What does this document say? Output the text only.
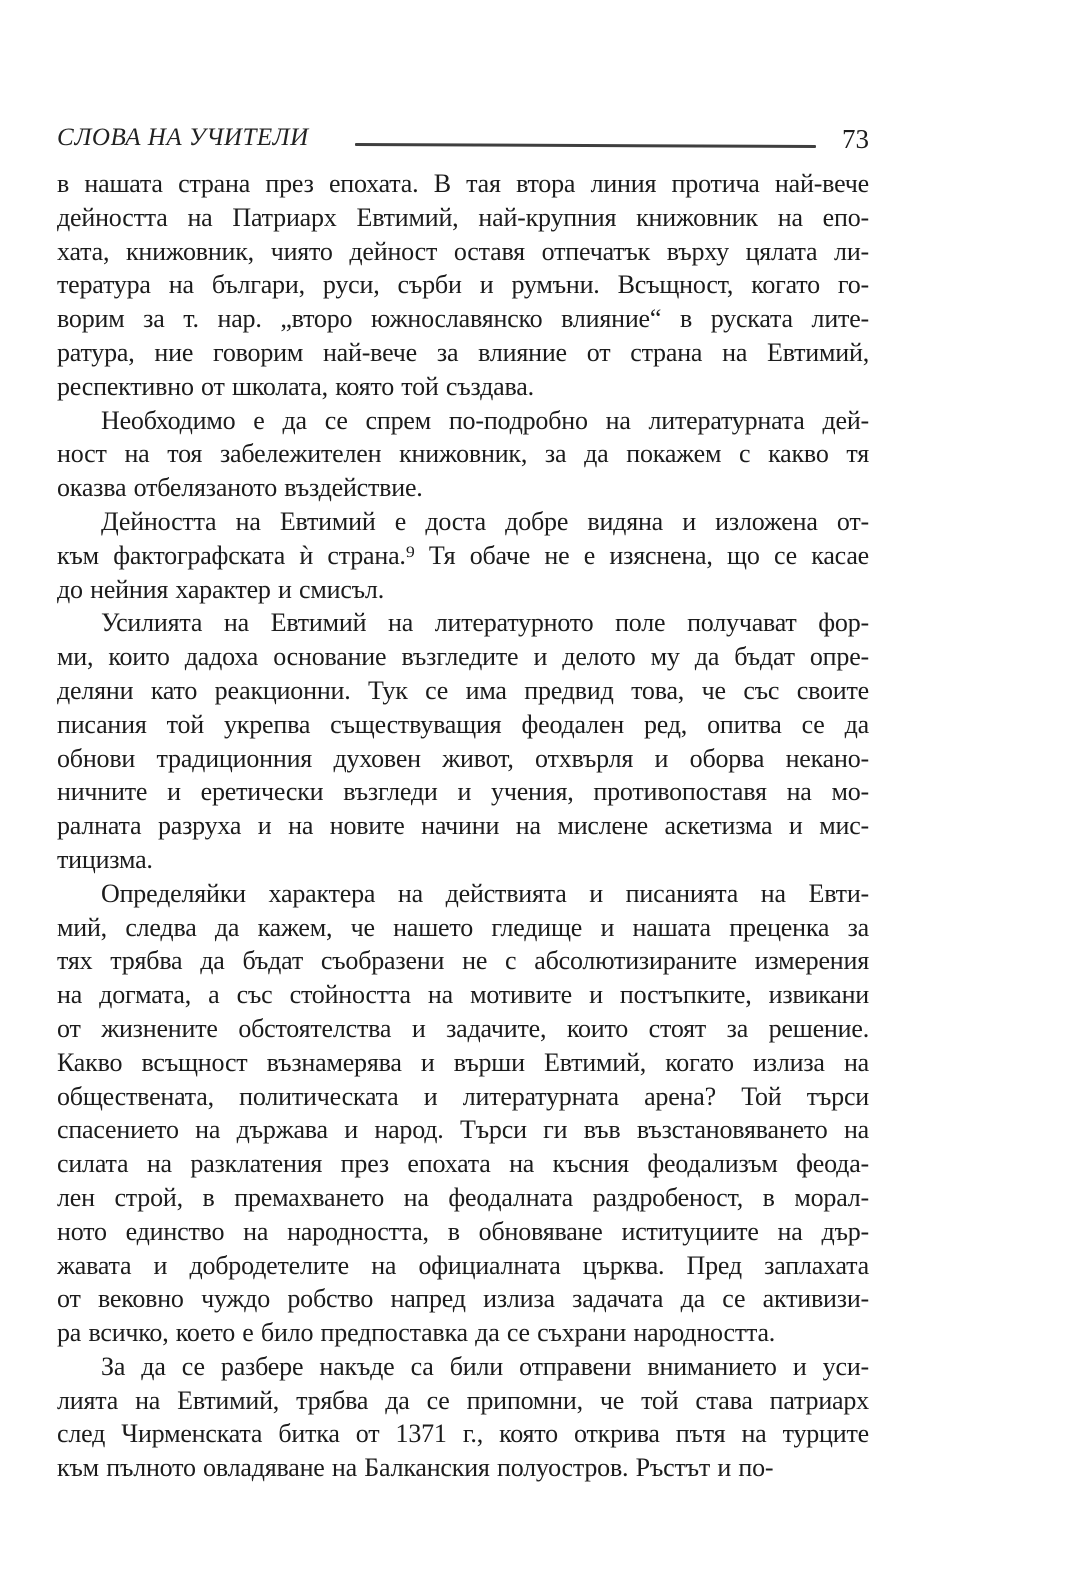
СЛОВА НА УЧИТЕЛИ	73
в нашата страна през епохата. В тая втора линия протича най-вече
дейността на Патриарх Евтимий, най-крупния книжовник на епо-
хата, книжовник, чиято дейност оставя отпечатък върху цялата ли-
тература на българи, руси, сърби и румъни. Всъщност, когато го-
ворим за т. нар. „второ южнославянско влияние“ в руската лите-
ратура, ние говорим най-вече за влияние от страна на Евтимий,
респективно от школата, която той създава.
Необходимо е да се спрем по-подробно на литературната дей-
ност на тоя забележителен книжовник, за да покажем с какво тя
оказва отбелязаното въздействие.
Дейността на Евтимий е доста добре видяна и изложена от-
към фактографската ѝ страна.⁹ Тя обаче не е изяснена, що се касае
до нейния характер и смисъл.
Усилията на Евтимий на литературното поле получават фор-
ми, които дадоха основание възгледите и делото му да бъдат опре-
деляни като реакционни. Тук се има предвид това, че със своите
писания той укрепва съществуващия феодален ред, опитва се да
обнови традиционния духовен живот, отхвърля и оборва некано-
ничните и еретически възгледи и учения, противопоставя на мо-
ралната разруха и на новите начини на мислене аскетизма и мис-
тицизма.
Определяйки характера на действията и писанията на Евти-
мий, следва да кажем, че нашето гледище и нашата преценка за
тях трябва да бъдат съобразени не с абсолютизираните измерения
на догмата, а със стойността на мотивите и постъпките, извикани
от жизнените обстоятелства и задачите, които стоят за решение.
Какво всъщност възнамерява и върши Евтимий, когато излиза на
обществената, политическата и литературната арена? Той търси
спасението на държава и народ. Търси ги във възстановяването на
силата на разклатения през епохата на късния феодализъм феода-
лен строй, в премахването на феодалната раздробеност, в морал-
ното единство на народността, в обновяване иституциите на дър-
жавата и добродетелите на официалната църква. Пред заплахата
от вековно чуждо робство напред излиза задачата да се активизи-
ра всичко, което е било предпоставка да се съхрани народността.
За да се разбере накъде са били отправени вниманието и уси-
лията на Евтимий, трябва да се припомни, че той става патриарх
след Чирменската битка от 1371 г., която открива пътя на турците
към пълното овладяване на Балканския полуостров. Ръстът и по-
